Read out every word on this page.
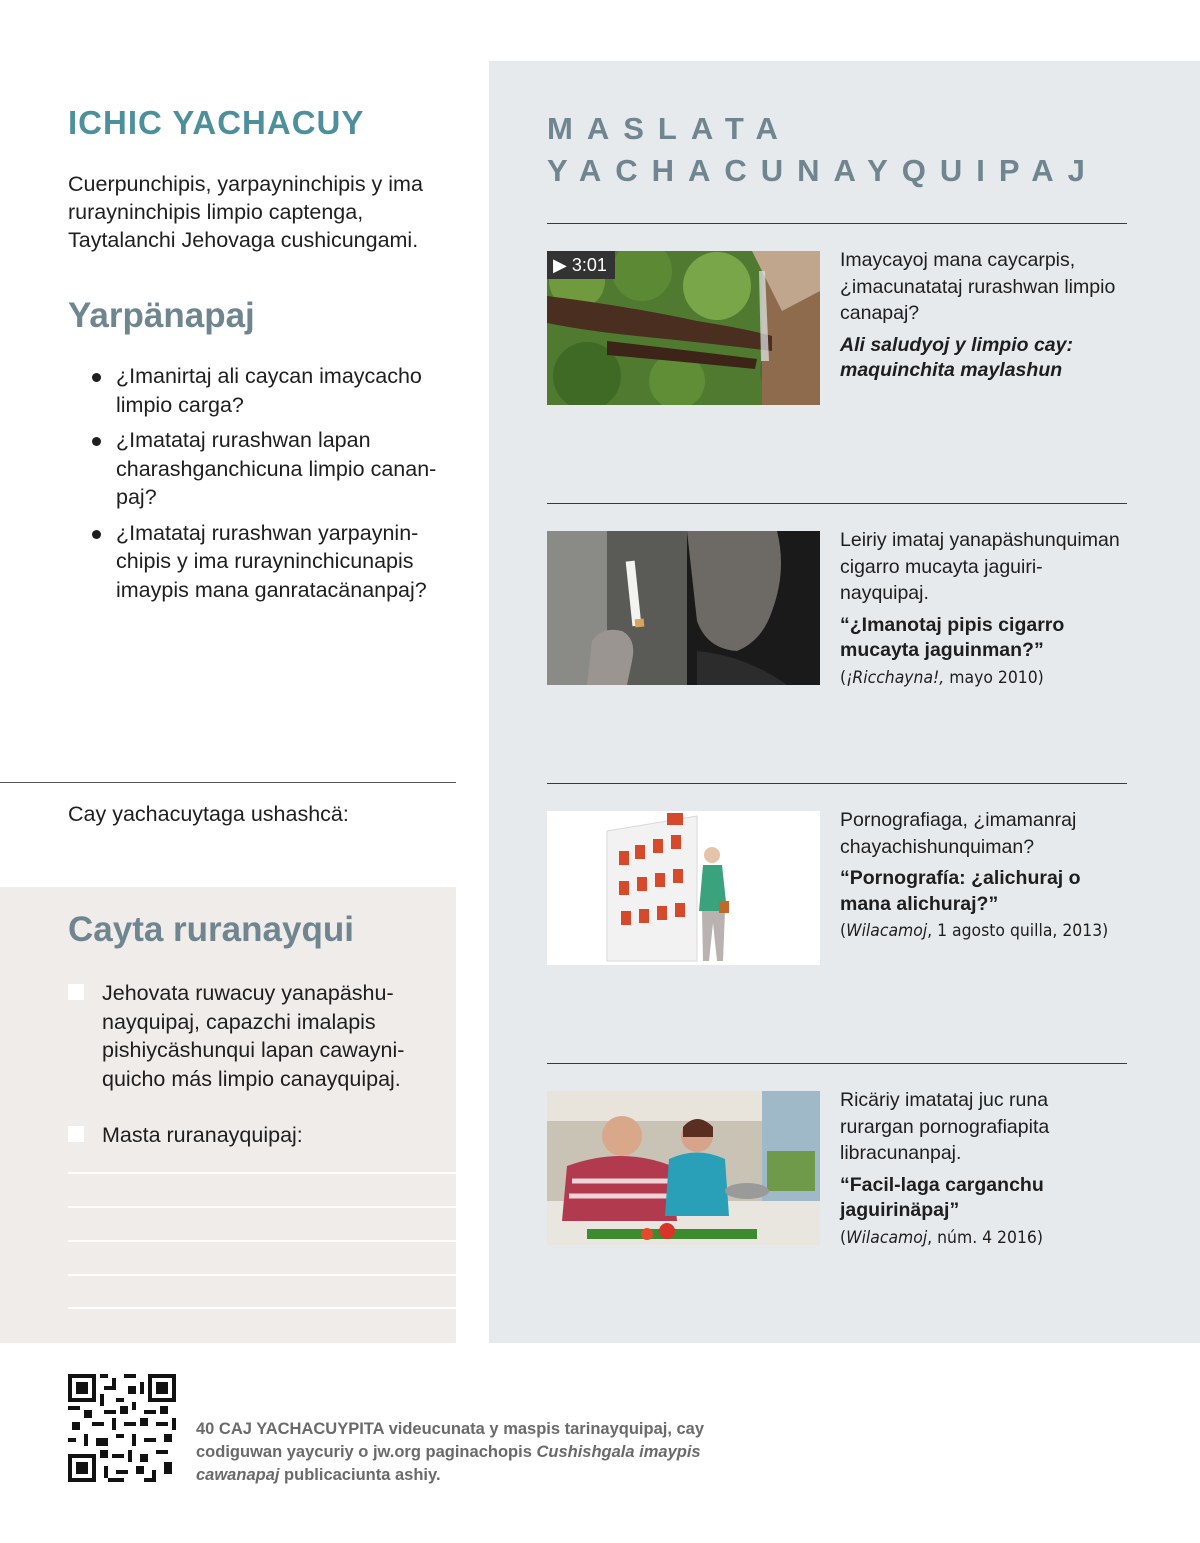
ICHIC YACHACUY
Cuerpunchipis, yarpayninchipis y ima rurayninchipis limpio captenga, Taytalanchi Jehovaga cushicungami.
Yarpänapaj
¿Imanirtaj ali caycan imaycacho limpio carga?
¿Imatataj rurashwan lapan charashganchicuna limpio cananpaj?
¿Imatataj rurashwan yarpayninchipis y ima rurayninchicunapis imaypis mana ganratacänanpaj?
Cay yachacuytaga ushashcä:
Cayta ruranayqui
Jehovata ruwacuy yanapäshunayquipaj, capazchi imalapis pishiycäshunqui lapan cawayniquicho más limpio canayquipaj.
Masta ruranayquipaj:
MASLATA YACHACUNAYQUIPAJ
▶ 3:01	Imaycayoj mana caycarpis, ¿imacunatataj rurashwan limpio canapaj?
Ali saludyoj y limpio cay: maquinchita maylashun
Leiriy imataj yanapäshunquiman cigarro mucayta jaguirinayquipaj.
“¿Imanotaj pipis cigarro mucayta jaguinman?”
(¡Ricchayna!, mayo 2010)
Pornografiaga, ¿imamanraj chayachishunquiman?
“Pornografía: ¿alichuraj o mana alichuraj?”
(Wilacamoj, 1 agosto quilla, 2013)
Ricäriy imatataj juc runa rurargan pornografiapita libracunanpaj.
“Facil-laga carganchu jaguirinäpaj”
(Wilacamoj, núm. 4 2016)
40 CAJ YACHACUYPITA videucunata y maspis tarinayquipaj, cay codiguwan yaycuriy o jw.org paginachopis Cushishgala imaypis cawanapaj publicaciunta ashiy.
